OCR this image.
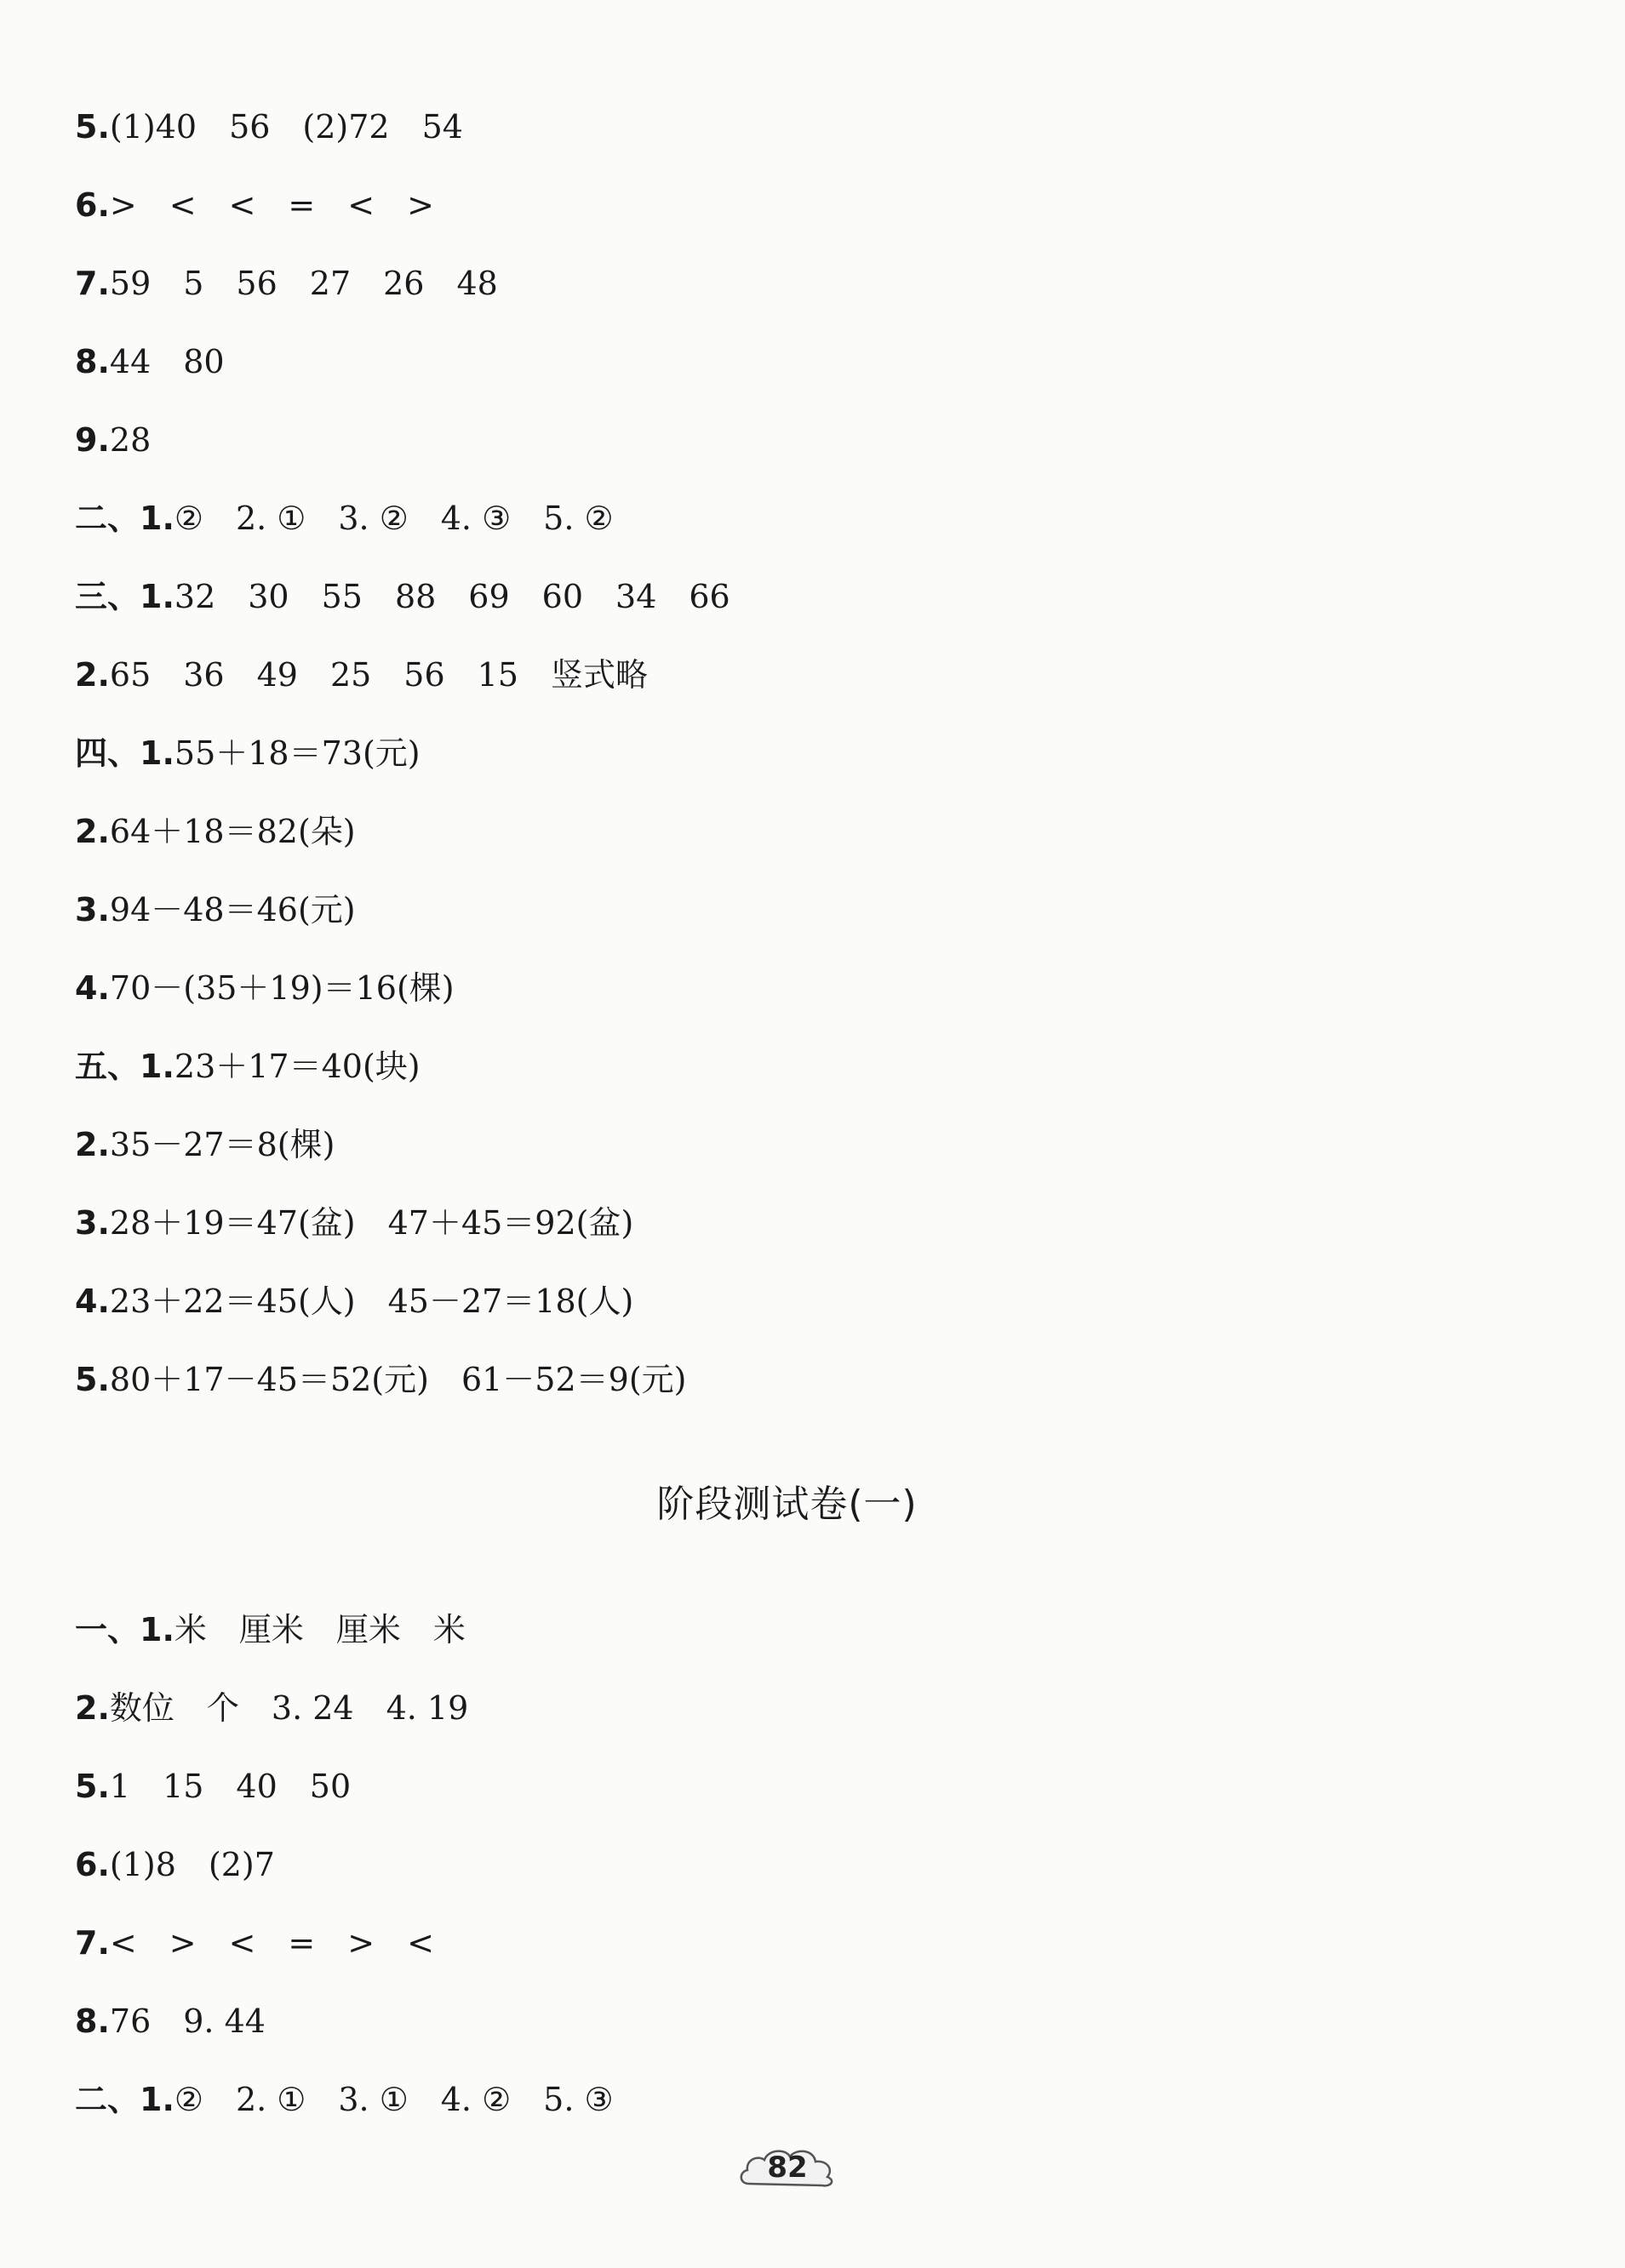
5.(1)40　56　(2)72　54
6.>　<　<　=　<　>
7.59　5　56　27　26　48
8.44　80
9.28
二、1.②　2. ①　3. ②　4. ③　5. ②
三、1.32　30　55　88　69　60　34　66
2.65　36　49　25　56　15　竖式略
四、1.55＋18＝73(元)
2.64＋18＝82(朵)
3.94－48＝46(元)
4.70－(35＋19)＝16(棵)
五、1.23＋17＝40(块)
2.35－27＝8(棵)
3.28＋19＝47(盆)　47＋45＝92(盆)
4.23＋22＝45(人)　45－27＝18(人)
5.80＋17－45＝52(元)　61－52＝9(元)
阶段测试卷(一)
一、1.米　厘米　厘米　米
2.数位　个　3. 24　4. 19
5.1　15　40　50
6.(1)8　(2)7
7.<　>　<　=　>　<
8.76　9. 44
二、1.②　2. ①　3. ①　4. ②　5. ③
82
